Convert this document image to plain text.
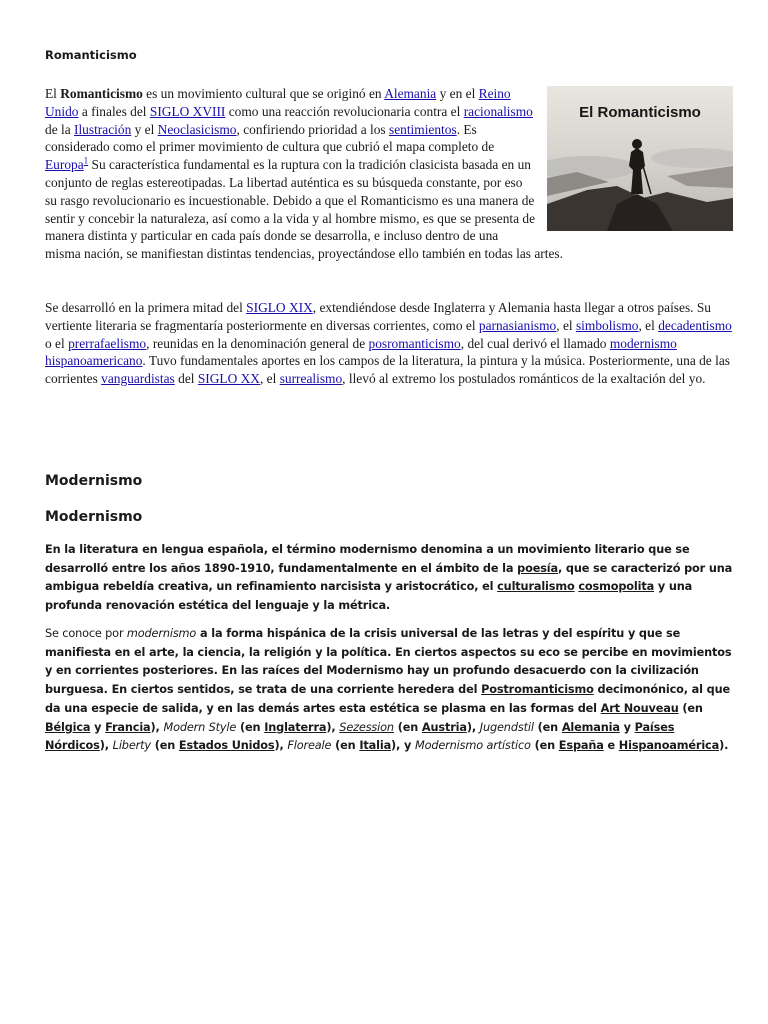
Romanticismo

El Romanticismo
El Romanticismo es un movimiento cultural que se originó en Alemania y en el Reino Unido a finales del SIGLO XVIII como una reacción revolucionaria contra el racionalismo de la Ilustración y el Neoclasicismo, confiriendo prioridad a los sentimientos. Es considerado como el primer movimiento de cultura que cubrió el mapa completo de Europa$^1$ Su característica fundamental es la ruptura con la tradición clasicista basada en un conjunto de reglas estereotipadas. La libertad auténtica es su búsqueda constante, por eso su rasgo revolucionario es incuestionable. Debido a que el Romanticismo es una manera de sentir y concebir la naturaleza, así como a la vida y al hombre mismo, es que se presenta de manera distinta y particular en cada país donde se desarrolla, e incluso dentro de una misma nación, se manifiestan distintas tendencias, proyectándose ello también en todas las artes.

Se desarrolló en la primera mitad del SIGLO XIX, extendiéndose desde Inglaterra y Alemania hasta llegar a otros países. Su vertiente literaria se fragmentaría posteriormente en diversas corrientes, como el parnasianismo, el simbolismo, el decadentismo o el prerrafaelismo, reunidas en la denominación general de posromanticismo, del cual derivó el llamado modernismo hispanoamericano. Tuvo fundamentales aportes en los campos de la literatura, la pintura y la música. Posteriormente, una de las corrientes vanguardistas del SIGLO XX, el surrealismo, llevó al extremo los postulados románticos de la exaltación del yo.

Modernismo
Modernismo

En la literatura en lengua española, el término modernismo denomina a un movimiento literario que se desarrolló entre los años 1890-1910, fundamentalmente en el ámbito de la poesía, que se caracterizó por una ambigua rebeldía creativa, un refinamiento narcisista y aristocrático, el culturalismo cosmopolita y una profunda renovación estética del lenguaje y la métrica.

Se conoce por modernismo a la forma hispánica de la crisis universal de las letras y del espíritu y que se manifiesta en el arte, la ciencia, la religión y la política. En ciertos aspectos su eco se percibe en movimientos y en corrientes posteriores. En las raíces del Modernismo hay un profundo desacuerdo con la civilización burguesa. En ciertos sentidos, se trata de una corriente heredera del Postromanticismo decimonónico, al que da una especie de salida, y en las demás artes esta estética se plasma en las formas del Art Nouveau (en Bélgica y Francia), Modern Style (en Inglaterra), Sezession (en Austria), Jugendstil (en Alemania y Países Nórdicos), Liberty (en Estados Unidos), Floreale (en Italia), y Modernismo artístico (en España e Hispanoamérica).
